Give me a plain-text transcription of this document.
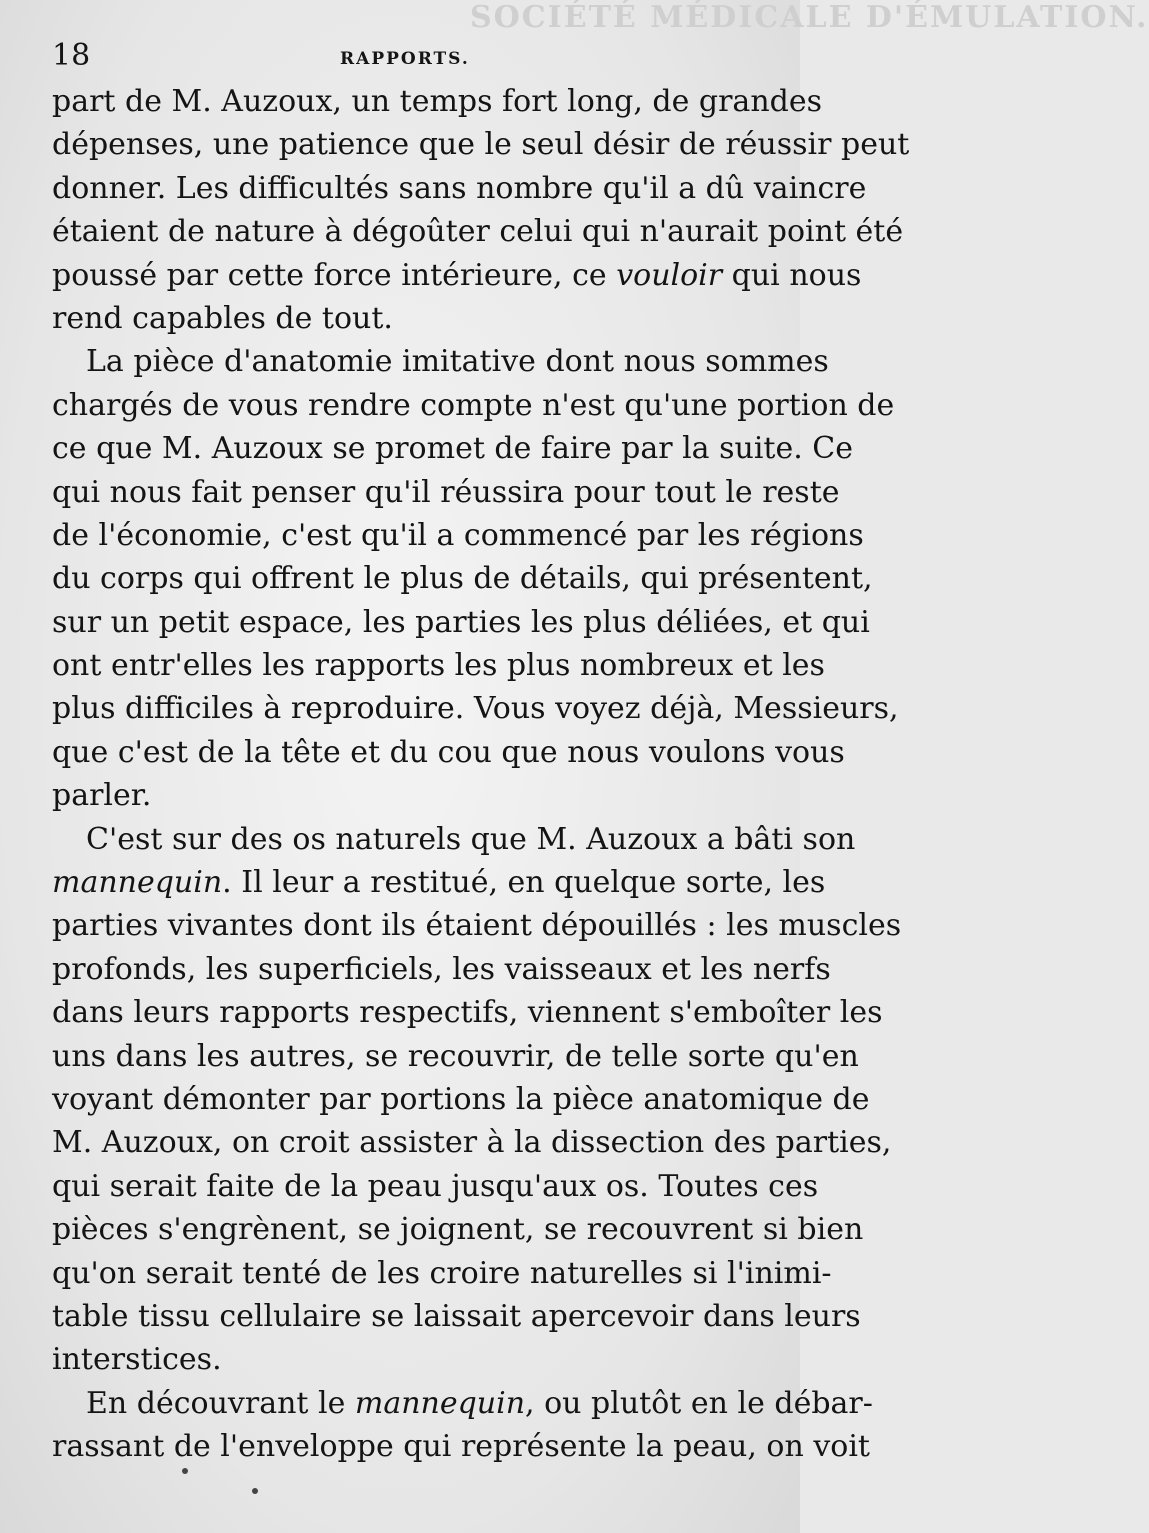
SOCIÉTÉ MÉDICALE D'ÉMULATION.
18	RAPPORTS.
part de M. Auzoux, un temps fort long, de grandes
dépenses, une patience que le seul désir de réussir peut
donner. Les difficultés sans nombre qu'il a dû vaincre
étaient de nature à dégoûter celui qui n'aurait point été
poussé par cette force intérieure, ce vouloir qui nous
rend capables de tout.
La pièce d'anatomie imitative dont nous sommes
chargés de vous rendre compte n'est qu'une portion de
ce que M. Auzoux se promet de faire par la suite. Ce
qui nous fait penser qu'il réussira pour tout le reste
de l'économie, c'est qu'il a commencé par les régions
du corps qui offrent le plus de détails, qui présentent,
sur un petit espace, les parties les plus déliées, et qui
ont entr'elles les rapports les plus nombreux et les
plus difficiles à reproduire. Vous voyez déjà, Messieurs,
que c'est de la tête et du cou que nous voulons vous
parler.
C'est sur des os naturels que M. Auzoux a bâti son
mannequin. Il leur a restitué, en quelque sorte, les
parties vivantes dont ils étaient dépouillés : les muscles
profonds, les superficiels, les vaisseaux et les nerfs
dans leurs rapports respectifs, viennent s'emboîter les
uns dans les autres, se recouvrir, de telle sorte qu'en
voyant démonter par portions la pièce anatomique de
M. Auzoux, on croit assister à la dissection des parties,
qui serait faite de la peau jusqu'aux os. Toutes ces
pièces s'engrènent, se joignent, se recouvrent si bien
qu'on serait tenté de les croire naturelles si l'inimi-
table tissu cellulaire se laissait apercevoir dans leurs
interstices.
En découvrant le mannequin, ou plutôt en le débar-
rassant de l'enveloppe qui représente la peau, on voit
